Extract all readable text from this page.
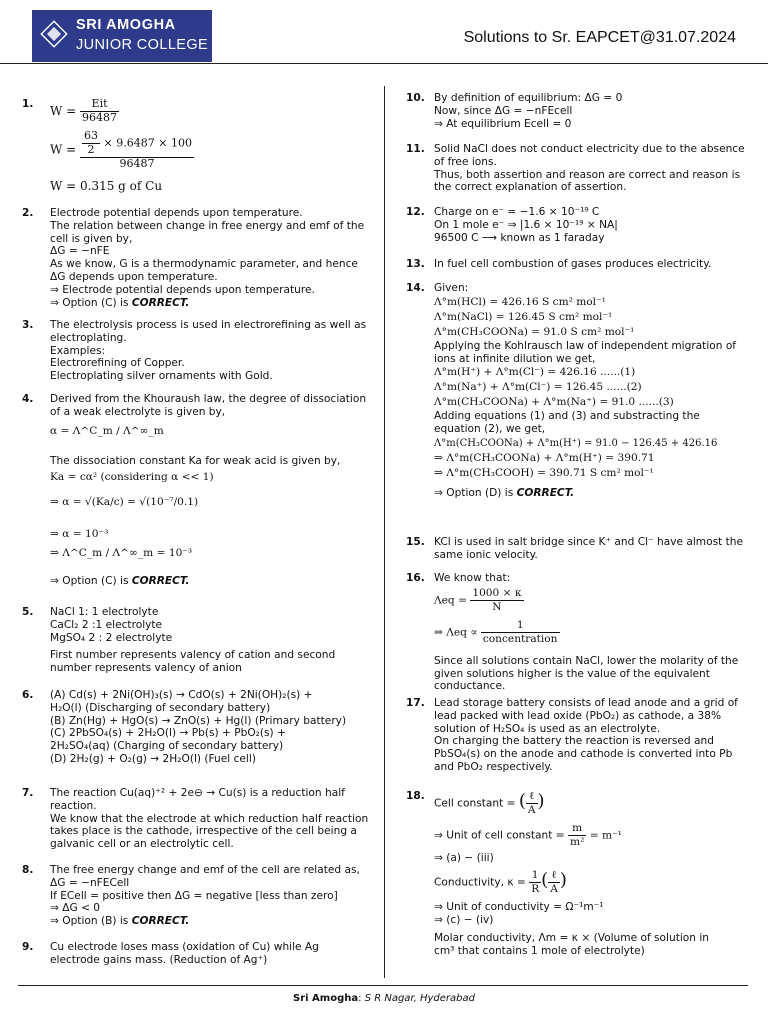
SRI AMOGHA
JUNIOR COLLEGE	Solutions to Sr. EAPCET@31.07.2024
1. $W = \frac{\text{Eit}}{96487}$
$W = \frac{\frac{63}{2} \times 9.6487 \times 100}{96487}$
W = 0.315 g of Cu
2. Electrode potential depends upon temperature.
The relation between change in free energy and emf of the
cell is given by,
ΔG = −nFE
As we know, G is a thermodynamic parameter, and hence
ΔG depends upon temperature.
⇒ Electrode potential depends upon temperature.
⇒ Option (C) is CORRECT.
3. The electrolysis process is used in electrorefining as well as
electroplating.
Examples:
Electrorefining of Copper.
Electroplating silver ornaments with Gold.
4. Derived from the Khouraush law, the degree of dissociation
of a weak electrolyte is given by,
α = Λ^C_m / Λ^∞_m
The dissociation constant Ka for weak acid is given by,
Ka = cα² (considering α << 1)
⇒ α = √(Ka/c) = √(10⁻⁷/0.1)
⇒ α = 10⁻³
⇒ Λ^C_m / Λ^∞_m = 10⁻³
⇒ Option (C) is CORRECT.
5. NaCl 1: 1 electrolyte
CaCl₂ 2 :1 electrolyte
MgSO₄ 2 : 2 electrolyte
First number represents valency of cation and second
number represents valency of anion
6. (A) Cd(s) + 2Ni(OH)₃(s) → CdO(s) + 2Ni(OH)₂(s) +
H₂O(l) (Discharging of secondary battery)
(B) Zn(Hg) + HgO(s) → ZnO(s) + Hg(l) (Primary battery)
(C) 2PbSO₄(s) + 2H₂O(l) → Pb(s) + PbO₂(s) +
2H₂SO₄(aq) (Charging of secondary battery)
(D) 2H₂(g) + O₂(g) → 2H₂O(l) (Fuel cell)
7. The reaction Cu(aq)⁺² + 2e⊖ → Cu(s) is a reduction half
reaction.
We know that the electrode at which reduction half reaction
takes place is the cathode, irrespective of the cell being a
galvanic cell or an electrolytic cell.
8. The free energy change and emf of the cell are related as,
ΔG = −nFECell
If ECell = positive then ΔG = negative [less than zero]
⇒ ΔG < 0
⇒ Option (B) is CORRECT.
9. Cu electrode loses mass (oxidation of Cu) while Ag
electrode gains mass. (Reduction of Ag⁺)
10. By definition of equilibrium: ΔG = 0
Now, since ΔG = −nFEcell
⇒ At equilibrium Ecell = 0
11. Solid NaCl does not conduct electricity due to the absence
of free ions.
Thus, both assertion and reason are correct and reason is
the correct explanation of assertion.
12. Charge on e⁻ = −1.6 × 10⁻¹⁹ C
On 1 mole e⁻ ⇒ |1.6 × 10⁻¹⁹ × NA|
96500 C ⟶ known as 1 faraday
13. In fuel cell combustion of gases produces electricity.
14. Given:
Λ°m(HCl) = 426.16 S cm² mol⁻¹
Λ°m(NaCl) = 126.45 S cm² mol⁻¹
Λ°m(CH₃COONa) = 91.0 S cm² mol⁻¹
Applying the Kohlrausch law of independent migration of
ions at infinite dilution we get,
Λ°m(H⁺) + Λ°m(Cl⁻) = 426.16 ......(1)
Λ°m(Na⁺) + Λ°m(Cl⁻) = 126.45 ......(2)
Λ°m(CH₃COONa) + Λ°m(Na⁺) = 91.0 ......(3)
Adding equations (1) and (3) and substracting the
equation (2), we get,
Λ°m(CH₃COONa) + Λ°m(H⁺) = 91.0 − 126.45 + 426.16
⇒ Λ°m(CH₃COONa) + Λ°m(H⁺) = 390.71
⇒ Λ°m(CH₃COOH) = 390.71 S cm² mol⁻¹
⇒ Option (D) is CORRECT.
15. KCl is used in salt bridge since K⁺ and Cl⁻ have almost the
same ionic velocity.
16. We know that:
$\Lambda eq = \frac{1000 \times \kappa}{N}$
⇒ $\Lambda eq \propto \frac{1}{\text{concentration}}$
Since all solutions contain NaCl, lower the molarity of the
given solutions higher is the value of the equivalent
conductance.
17. Lead storage battery consists of lead anode and a grid of
lead packed with lead oxide (PbO₂) as cathode, a 38%
solution of H₂SO₄ is used as an electrolyte.
On charging the battery the reaction is reversed and
PbSO₄(s) on the anode and cathode is converted into Pb
and PbO₂ respectively.
18.
Cell constant = ( $\frac{\text{ℓ}}{A}$ )
⇒ Unit of cell constant = $\frac{m}{\text{m²}} = m^{-1}$
⇒ (a) − (iii)
Conductivity, $\kappa = \frac{1}{R}$ ( $\frac{\text{ℓ}}{A}$ )
⇒ Unit of conductivity = Ω⁻¹m⁻¹
⇒ (c) − (iv)
Molar conductivity, Λm = κ × (Volume of solution in
cm³ that contains 1 mole of electrolyte)
Sri Amogha: S R Nagar, Hyderabad
